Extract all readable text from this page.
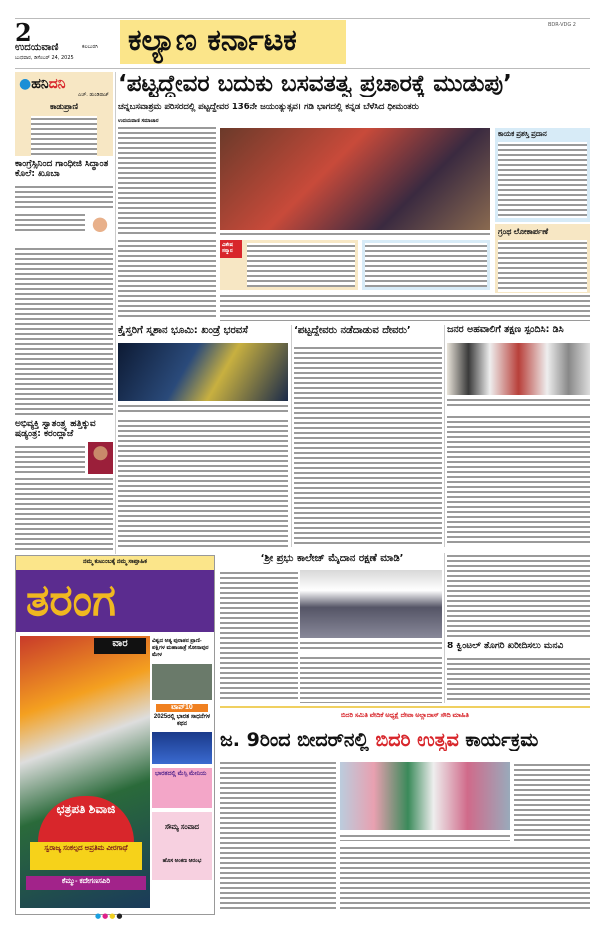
2
ಉದಯವಾಣಿ	ಕಲಬುರಗಿ
ಬುಧವಾರ, ಡಿಸೆಂಬರ್ 24, 2025 ಕಲ್ಯಾಣ ಕರ್ನಾಟಕ	BDR-VDG 2
●ಹನಿದನಿ
ಎಚ್. ಡುಂಡಿರಾಜ್
ಕಾಡುಪ್ರಾಣಿ
ಕಾಂಗ್ರೆಸ್ಸಿನಿಂದ ಗಾಂಧೀಜಿ ಸಿದ್ಧಾಂತ ಕೊಲೆ: ಖೂಬಾ
ಅಭಿವ್ಯಕ್ತಿ ಸ್ವಾತಂತ್ರ್ಯ ಹತ್ತಿಕ್ಕುವ ಷಡ್ಯಂತ್ರ: ಕರಂದ್ಲಾಜೆ
‘ಪಟ್ಟದ್ದೇವರ ಬದುಕು ಬಸವತತ್ವ ಪ್ರಚಾರಕ್ಕೆ ಮುಡುಪು’
ಚನ್ನಬಸವಾಶ್ರಮ ಪರಿಸರದಲ್ಲಿ ಪಟ್ಟದ್ದೇವರ 136ನೇ ಜಯಂತ್ಯುತ್ಸವ। ಗಡಿ ಭಾಗದಲ್ಲಿ ಕನ್ನಡ ಬೆಳೆಸಿದ ಧೀಮಂತರು
ಉದಯವಾಣಿ ಸಮಾಚಾರ
ಕಾಯಕ ಪ್ರಶಸ್ತಿ ಪ್ರದಾನ
ಗ್ರಂಥ ಲೋಕಾರ್ಪಣೆ
ವಿಶೇಷ ಸನ್ಮಾನ
ಕ್ರೈಸ್ತರಿಗೆ ಸ್ಮಶಾನ ಭೂಮಿ: ಖಂಡ್ರೆ ಭರವಸೆ	‘ಪಟ್ಟದ್ದೇವರು ನಡೆದಾಡುವ ದೇವರು’	ಜನರ ಅಹವಾಲಿಗೆ ತಕ್ಷಣ ಸ್ಪಂದಿಸಿ: ಡಿಸಿ
ನಮ್ಮ ಕುಟುಂಬಕ್ಕೆ ನಮ್ಮ ಸಾಪ್ತಾಹಿಕ
ತರಂಗ
ವಾರ	ವಿಶ್ವದ ಅತ್ಯ ಪುರಾತನ ಪ್ರಾಣಿ-ಪಕ್ಷಿಗಳ ಮಹಾಜಾತ್ರೆ ಸೋನಾಪುರ ಮೇಳ
ಟಾಪ್10
2025ರಲ್ಲಿ ಭಾರತ ಸಾಧನೆಗಳ ಕಥನ
ಭಾರತದಲ್ಲಿ ಮೆಸ್ಸಿ ಮೇನಿಯ
ಸೌಮ್ಯ ಸಂವಾದ
ಹೊಸ ಅಂಕಣ ಆರಂಭ
ಛತ್ರಪತಿ ಶಿವಾಜಿ
ಸ್ವರಾಜ್ಯ ಸಂಕಲ್ಪದ ಅಪ್ರತಿಮ ವೀರಗಾಥೆ
ಕೆಮ್ಮು- ಕದೇಗಣಸಪಿರಿ
‘ಶ್ರೀ ಪ್ರಭು ಕಾಲೇಜ್ ಮೈದಾನ ರಕ್ಷಣೆ ಮಾಡಿ’
8 ಕ್ವಿಂಟಲ್ ತೊಗರಿ ಖರೀದಿಸಲು ಮನವಿ
ಬಿದರಿ ಸಮಿತಿ ವೇದಿಕೆ ಅಧ್ಯಕ್ಷೆ ದೇವಾ ಅಲ್ಲಾದಾಸ್ ಸೌದಿ ಮಾಹಿತಿ
ಜ. 9ರಿಂದ ಬೀದರ್‌ನಲ್ಲಿ ಬಿದರಿ ಉತ್ಸವ ಕಾರ್ಯಕ್ರಮ
●●●●
